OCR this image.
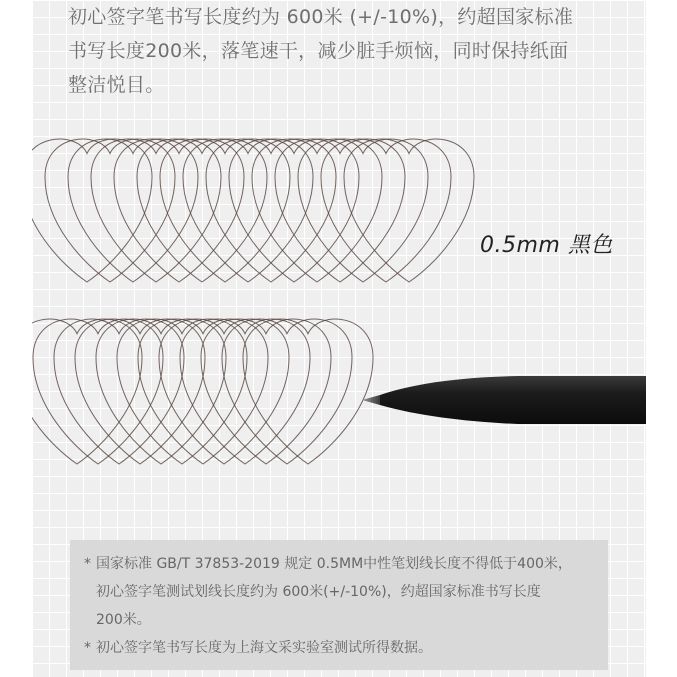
初心签字笔书写长度约为 600米 (+/-10%)，约超国家标准

书写长度200米，落笔速干，减少脏手烦恼，同时保持纸面

整洁悦目。

0.5mm 黑色

* 国家标准 GB/T 37853-2019 规定 0.5MM中性笔划线长度不得低于400米，

初心签字笔测试划线长度约为 600米(+/-10%)，约超国家标准书写长度

200米。

* 初心签字笔书写长度为上海文采实验室测试所得数据。
